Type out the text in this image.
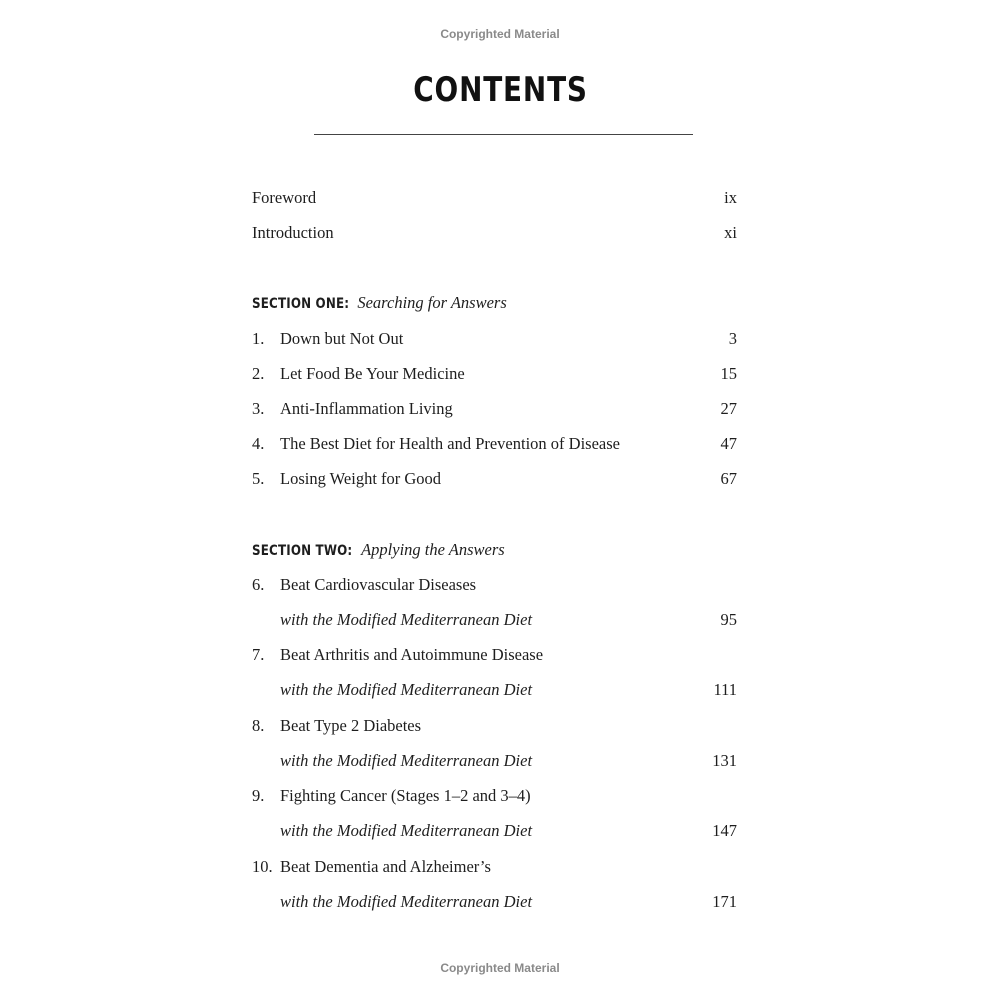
Copyrighted Material
CONTENTS
Foreword	ix
Introduction	xi
SECTION ONE: Searching for Answers
1. Down but Not Out	3
2. Let Food Be Your Medicine	15
3. Anti-Inflammation Living	27
4. The Best Diet for Health and Prevention of Disease	47
5. Losing Weight for Good	67
SECTION TWO: Applying the Answers
6. Beat Cardiovascular Diseases
with the Modified Mediterranean Diet	95
7. Beat Arthritis and Autoimmune Disease
with the Modified Mediterranean Diet	111
8. Beat Type 2 Diabetes
with the Modified Mediterranean Diet	131
9. Fighting Cancer (Stages 1–2 and 3–4)
with the Modified Mediterranean Diet	147
10. Beat Dementia and Alzheimer’s
with the Modified Mediterranean Diet	171
Copyrighted Material
